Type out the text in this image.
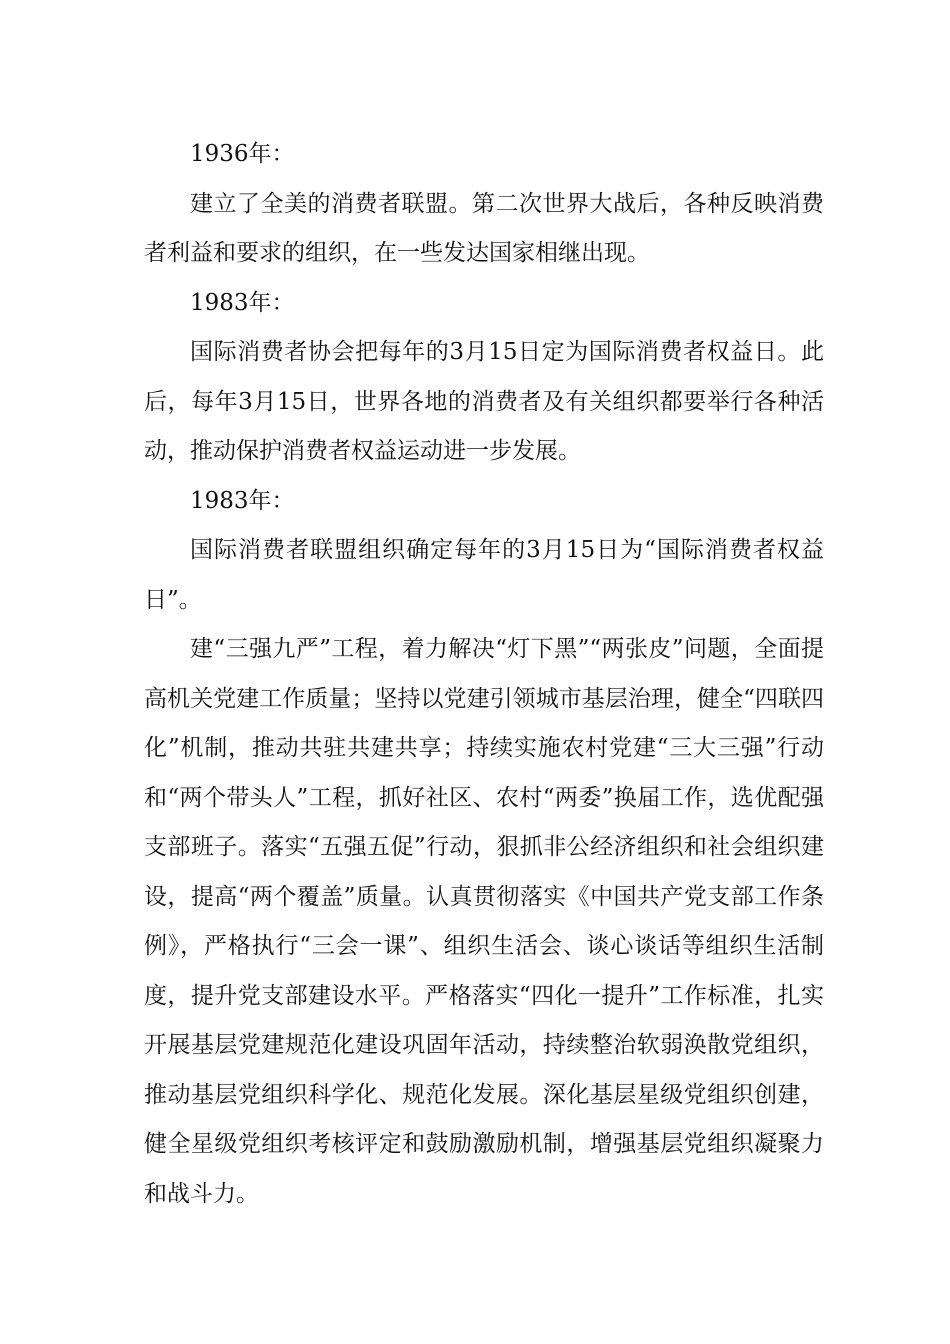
1936年：

建立了全美的消费者联盟。第二次世界大战后，各种反映消费者利益和要求的组织，在一些发达国家相继出现。

1983年：

国际消费者协会把每年的3月15日定为国际消费者权益日。此后，每年3月15日，世界各地的消费者及有关组织都要举行各种活动，推动保护消费者权益运动进一步发展。

1983年：

国际消费者联盟组织确定每年的3月15日为“国际消费者权益日”。

建“三强九严”工程，着力解决“灯下黑”“两张皮”问题，全面提高机关党建工作质量；坚持以党建引领城市基层治理，健全“四联四化”机制，推动共驻共建共享；持续实施农村党建“三大三强”行动和“两个带头人”工程，抓好社区、农村“两委”换届工作，选优配强支部班子。落实“五强五促”行动，狠抓非公经济组织和社会组织建设，提高“两个覆盖”质量。认真贯彻落实《中国共产党支部工作条例》，严格执行“三会一课”、组织生活会、谈心谈话等组织生活制度，提升党支部建设水平。严格落实“四化一提升”工作标准，扎实开展基层党建规范化建设巩固年活动，持续整治软弱涣散党组织，推动基层党组织科学化、规范化发展。深化基层星级党组织创建，健全星级党组织考核评定和鼓励激励机制，增强基层党组织凝聚力和战斗力。
